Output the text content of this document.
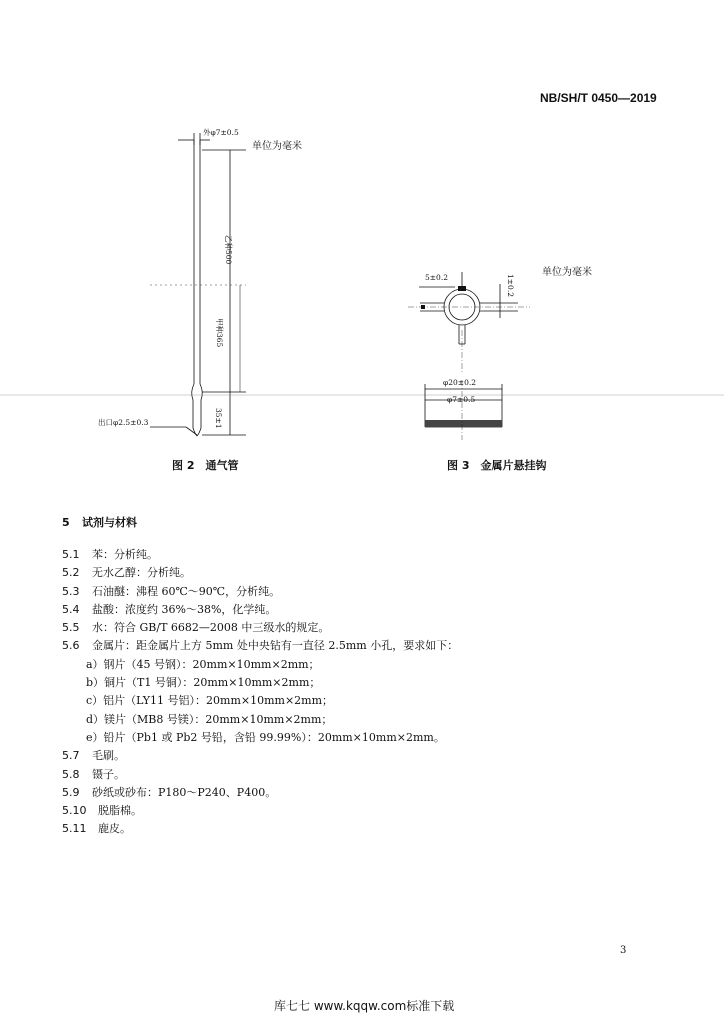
NB/SH/T 0450—2019
外φ7±0.5
出口φ2.5±0.3
乙种500
甲种365
35±1
5±0.2	1±0.2
φ20±0.2
φ7±0.5
单位为毫米
单位为毫米
图 2　通气管	图 3　金属片悬挂钩
5 试剂与材料
5.1 苯：分析纯。
5.2 无水乙醇：分析纯。
5.3 石油醚：沸程 60℃～90℃，分析纯。
5.4 盐酸：浓度约 36%～38%，化学纯。
5.5 水：符合 GB/T 6682—2008 中三级水的规定。
5.6 金属片：距金属片上方 5mm 处中央钻有一直径 2.5mm 小孔，要求如下：
a）钢片（45 号钢）：20mm×10mm×2mm；
b）铜片（T1 号铜）：20mm×10mm×2mm；
c）铝片（LY11 号铝）：20mm×10mm×2mm；
d）镁片（MB8 号镁）：20mm×10mm×2mm；
e）铅片（Pb1 或 Pb2 号铅，含铅 99.99%）：20mm×10mm×2mm。
5.7 毛刷。
5.8 镊子。
5.9 砂纸或砂布：P180～P240、P400。
5.10 脱脂棉。
5.11 鹿皮。
3
库七七 www.kqqw.com标准下载
